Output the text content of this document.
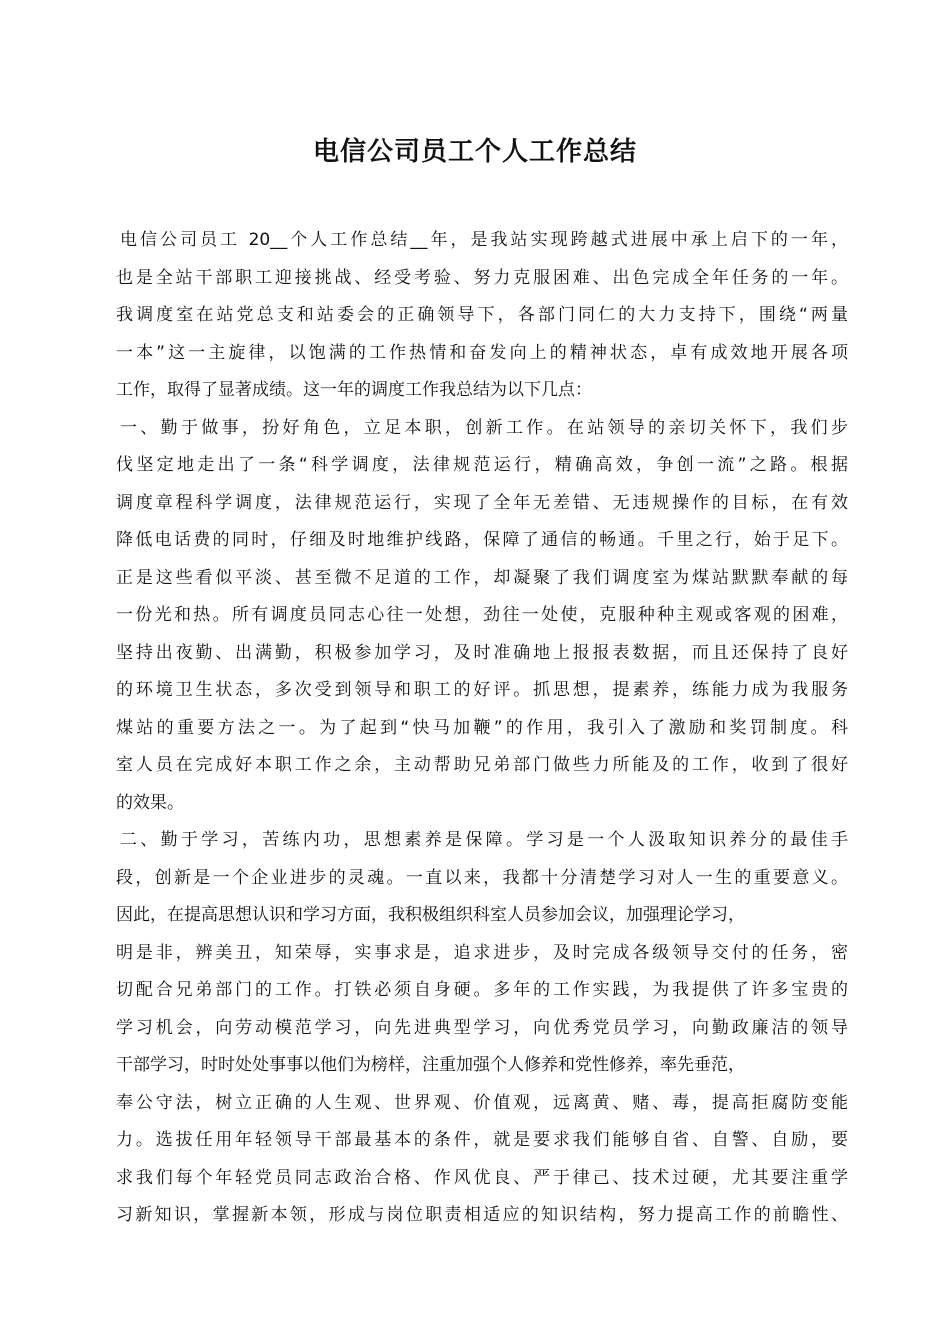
电信公司员工个人工作总结
电信公司员工 20__个人工作总结__年，是我站实现跨越式进展中承上启下的一年，
也是全站干部职工迎接挑战、经受考验、努力克服困难、出色完成全年任务的一年。
我调度室在站党总支和站委会的正确领导下，各部门同仁的大力支持下，围绕“两量
一本”这一主旋律，以饱满的工作热情和奋发向上的精神状态，卓有成效地开展各项
工作，取得了显著成绩。这一年的调度工作我总结为以下几点：
一、勤于做事，扮好角色，立足本职，创新工作。在站领导的亲切关怀下，我们步
伐坚定地走出了一条“科学调度，法律规范运行，精确高效，争创一流”之路。根据
调度章程科学调度，法律规范运行，实现了全年无差错、无违规操作的目标，在有效
降低电话费的同时，仔细及时地维护线路，保障了通信的畅通。千里之行，始于足下。
正是这些看似平淡、甚至微不足道的工作，却凝聚了我们调度室为煤站默默奉献的每
一份光和热。所有调度员同志心往一处想，劲往一处使，克服种种主观或客观的困难，
坚持出夜勤、出满勤，积极参加学习，及时准确地上报报表数据，而且还保持了良好
的环境卫生状态，多次受到领导和职工的好评。抓思想，提素养，练能力成为我服务
煤站的重要方法之一。为了起到“快马加鞭”的作用，我引入了激励和奖罚制度。科
室人员在完成好本职工作之余，主动帮助兄弟部门做些力所能及的工作，收到了很好
的效果。
二、勤于学习，苦练内功，思想素养是保障。学习是一个人汲取知识养分的最佳手
段，创新是一个企业进步的灵魂。一直以来，我都十分清楚学习对人一生的重要意义。
因此，在提高思想认识和学习方面，我积极组织科室人员参加会议，加强理论学习，
明是非，辨美丑，知荣辱，实事求是，追求进步，及时完成各级领导交付的任务，密
切配合兄弟部门的工作。打铁必须自身硬。多年的工作实践，为我提供了许多宝贵的
学习机会，向劳动模范学习，向先进典型学习，向优秀党员学习，向勤政廉洁的领导
干部学习，时时处处事事以他们为榜样，注重加强个人修养和党性修养，率先垂范，
奉公守法，树立正确的人生观、世界观、价值观，远离黄、赌、毒，提高拒腐防变能
力。选拔任用年轻领导干部最基本的条件，就是要求我们能够自省、自警、自励，要
求我们每个年轻党员同志政治合格、作风优良、严于律己、技术过硬，尤其要注重学
习新知识，掌握新本领，形成与岗位职责相适应的知识结构，努力提高工作的前瞻性、
